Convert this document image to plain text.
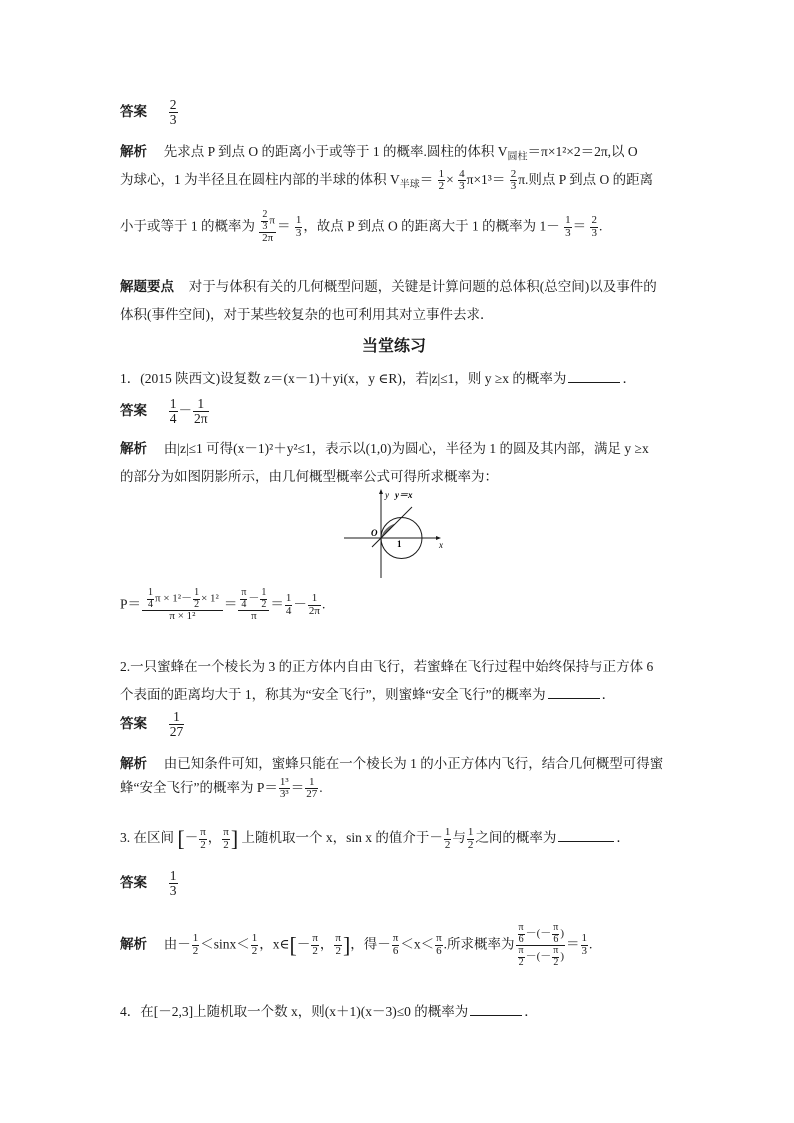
答案 $\frac{2}{3}$
解析 先求点 P 到点 O 的距离小于或等于 1 的概率.圆柱的体积 $V_{圆柱}=\pi\times 1^2\times 2=2\pi$,以 O
为球心，1 为半径且在圆柱内部的半球的体积 $V_{半球}= \frac{1}{2} \times \frac{4}{3} \pi\times 1^3= \frac{2}{3} \pi$.则点 P 到点 O 的距离
小于或等于 1 的概率为 $\frac{\frac{2}{3} \pi}{2\pi} = \frac{1}{3}$ ，故点 P 到点 O 的距离大于 1 的概率为 $1- \frac{1}{3} = \frac{2}{3}$ .
解题要点 对于与体积有关的几何概型问题，关键是计算问题的总体积(总空间)以及事件的
体积(事件空间)，对于某些较复杂的也可利用其对立事件去求．
当堂练习
1．(2015 陕西文)设复数 z＝(x－1)＋yi(x，y ∈R)，若|z|≤1，则 y ≥x 的概率为	．
答案 $\frac{1}{4} - \frac{1}{2\pi}$
解析 由|z|≤1 可得(x－1)²＋y²≤1，表示以(1,0)为圆心，半径为 1 的圆及其内部，满足 y ≥x
的部分为如图阴影所示，由几何概型概率公式可得所求概率为：
y y＝x
O
1	x
$P= \frac{\frac{1}{4} \pi \times 1^2- \frac{1}{2} \times 1^2}{\text{π × 1²}} = \frac{\frac{\pi}{4} - \frac{1}{2}}{\pi} = \frac{1}{4} - \frac{1}{2\pi}$ .
2.一只蜜蜂在一个棱长为 3 的正方体内自由飞行，若蜜蜂在飞行过程中始终保持与正方体 6
个表面的距离均大于 1，称其为“安全飞行”，则蜜蜂“安全飞行”的概率为	．
答案 $\frac{1}{27}$
解析 由已知条件可知，蜜蜂只能在一个棱长为 1 的小正方体内飞行，结合几何概型可得蜜
蜂“安全飞行”的概率为 $P= \frac{\text{1³}}{\text{3³}} = \frac{1}{27}$ .
3. 在区间 [－ $\frac{\pi}{2}$ ， $\frac{\pi}{2}$ ] 上随机取一个 x，sin x 的值介于－ $\frac{1}{2}$ 与 $\frac{1}{2}$ 之间的概率为	．
答案 $\frac{1}{3}$
解析 由－ $\frac{1}{2} <\sin x< \frac{1}{2}$ ，x∈[－ $\frac{\pi}{2}$ ， $\frac{\pi}{2}$ ]，得－ $\frac{\pi}{6} <x< \frac{\pi}{6}$ .所求概率为 $\frac{\frac{\pi}{6} -(- \frac{\pi}{6} )}{\frac{\pi}{2} -(- \frac{\pi}{2} )} = \frac{1}{3}$ .
4．在[－2,3]上随机取一个数 x，则(x＋1)(x－3)≤0 的概率为	．
